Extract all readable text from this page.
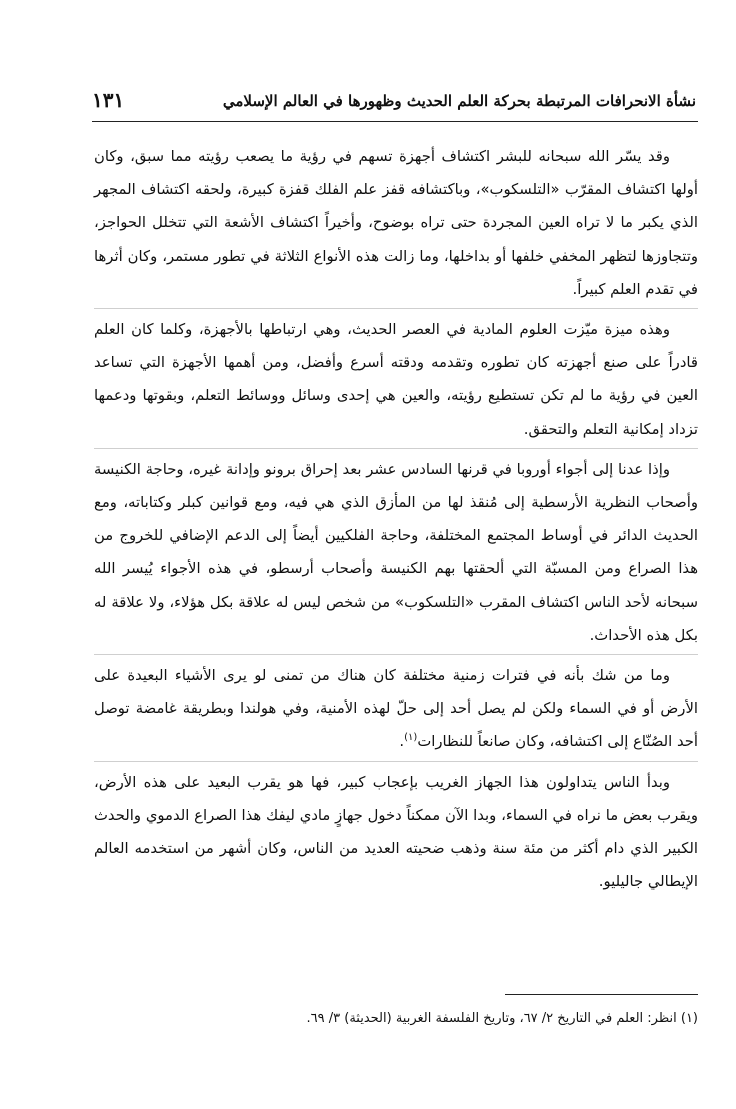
نشأة الانحرافات المرتبطة بحركة العلم الحديث وظهورها في العالم الإسلامي
١٣١

وقد يسّر الله سبحانه للبشر اكتشاف أجهزة تسهم في رؤية ما يصعب رؤيته مما سبق، وكان أولها اكتشاف المقرّب «التلسكوب»، وباكتشافه قفز علم الفلك قفزة كبيرة، ولحقه اكتشاف المجهر الذي يكبر ما لا تراه العين المجردة حتى تراه بوضوح، وأخيراً اكتشاف الأشعة التي تتخلل الحواجز، وتتجاوزها لتظهر المخفي خلفها أو بداخلها، وما زالت هذه الأنواع الثلاثة في تطور مستمر، وكان أثرها في تقدم العلم كبيراً.

وهذه ميزة ميّزت العلوم المادية في العصر الحديث، وهي ارتباطها بالأجهزة، وكلما كان العلم قادراً على صنع أجهزته كان تطوره وتقدمه ودقته أسرع وأفضل، ومن أهمها الأجهزة التي تساعد العين في رؤية ما لم تكن تستطيع رؤيته، والعين هي إحدى وسائل ووسائط التعلم، وبقوتها ودعمها تزداد إمكانية التعلم والتحقق.

وإذا عدنا إلى أجواء أوروبا في قرنها السادس عشر بعد إحراق برونو وإدانة غيره، وحاجة الكنيسة وأصحاب النظرية الأرسطية إلى مُنقذ لها من المأزق الذي هي فيه، ومع قوانين كبلر وكتاباته، ومع الحديث الدائر في أوساط المجتمع المختلفة، وحاجة الفلكيين أيضاً إلى الدعم الإضافي للخروج من هذا الصراع ومن المسبّة التي ألحقتها بهم الكنيسة وأصحاب أرسطو، في هذه الأجواء يُيسر الله سبحانه لأحد الناس اكتشاف المقرب «التلسكوب» من شخص ليس له علاقة بكل هؤلاء، ولا علاقة له بكل هذه الأحداث.

وما من شك بأنه في فترات زمنية مختلفة كان هناك من تمنى لو يرى الأشياء البعيدة على الأرض أو في السماء ولكن لم يصل أحد إلى حلّ لهذه الأمنية، وفي هولندا وبطريقة غامضة توصل أحد الصُنّاع إلى اكتشافه، وكان صانعاً للنظارات$^{(١)}$.

وبدأ الناس يتداولون هذا الجهاز الغريب بإعجاب كبير، فها هو يقرب البعيد على هذه الأرض، ويقرب بعض ما نراه في السماء، وبدا الآن ممكناً دخول جهازٍ مادي ليفك هذا الصراع الدموي والحدث الكبير الذي دام أكثر من مئة سنة وذهب ضحيته العديد من الناس، وكان أشهر من استخدمه العالم الإيطالي جاليليو.

(١) انظر: العلم في التاريخ ٢/ ٦٧، وتاريخ الفلسفة الغربية (الحديثة) ٣/ ٦٩.
